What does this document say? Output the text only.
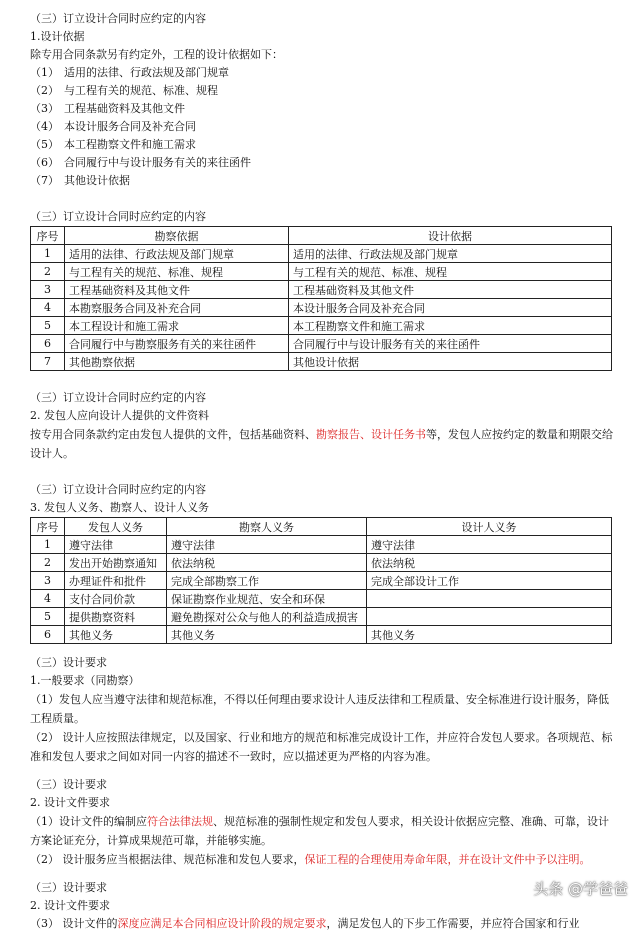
（三）订立设计合同时应约定的内容
1.设计依据
除专用合同条款另有约定外，工程的设计依据如下：
（1） 适用的法律、行政法规及部门规章
（2） 与工程有关的规范、标准、规程
（3） 工程基础资料及其他文件
（4） 本设计服务合同及补充合同
（5） 本工程勘察文件和施工需求
（6） 合同履行中与设计服务有关的来往函件
（7） 其他设计依据
（三）订立设计合同时应约定的内容
序号	勘察依据	设计依据
1	适用的法律、行政法规及部门规章	适用的法律、行政法规及部门规章
2	与工程有关的规范、标准、规程	与工程有关的规范、标准、规程
3	工程基础资料及其他文件	工程基础资料及其他文件
4	本勘察服务合同及补充合同	本设计服务合同及补充合同
5	本工程设计和施工需求	本工程勘察文件和施工需求
6	合同履行中与勘察服务有关的来往函件	合同履行中与设计服务有关的来往函件
7	其他勘察依据	其他设计依据
（三）订立设计合同时应约定的内容
2. 发包人应向设计人提供的文件资料
按专用合同条款约定由发包人提供的文件，包括基础资料、勘察报告、设计任务书等，发包人应按约定的数量和期限交给设计人。
（三）订立设计合同时应约定的内容
3. 发包人义务、勘察人、设计人义务
序号	发包人义务	勘察人义务	设计人义务
1	遵守法律	遵守法律	遵守法律
2	发出开始勘察通知	依法纳税	依法纳税
3	办理证件和批件	完成全部勘察工作	完成全部设计工作
4	支付合同价款	保证勘察作业规范、安全和环保	
5	提供勘察资料	避免勘探对公众与他人的利益造成损害	
6	其他义务	其他义务	其他义务
（三）设计要求
1.一般要求（同勘察）
（1）发包人应当遵守法律和规范标准，不得以任何理由要求设计人违反法律和工程质量、安全标准进行设计服务，降低工程质量。
（2） 设计人应按照法律规定，以及国家、行业和地方的规范和标准完成设计工作，并应符合发包人要求。各项规范、标准和发包人要求之间如对同一内容的描述不一致时，应以描述更为严格的内容为准。
（三）设计要求
2. 设计文件要求
（1）设计文件的编制应符合法律法规、规范标准的强制性规定和发包人要求，相关设计依据应完整、准确、可靠，设计方案论证充分，计算成果规范可靠，并能够实施。
（2） 设计服务应当根据法律、规范标准和发包人要求，保证工程的合理使用寿命年限，并在设计文件中予以注明。
（三）设计要求
2. 设计文件要求
（3） 设计文件的深度应满足本合同相应设计阶段的规定要求，满足发包人的下步工作需要，并应符合国家和行业
头条 @学爸爸
